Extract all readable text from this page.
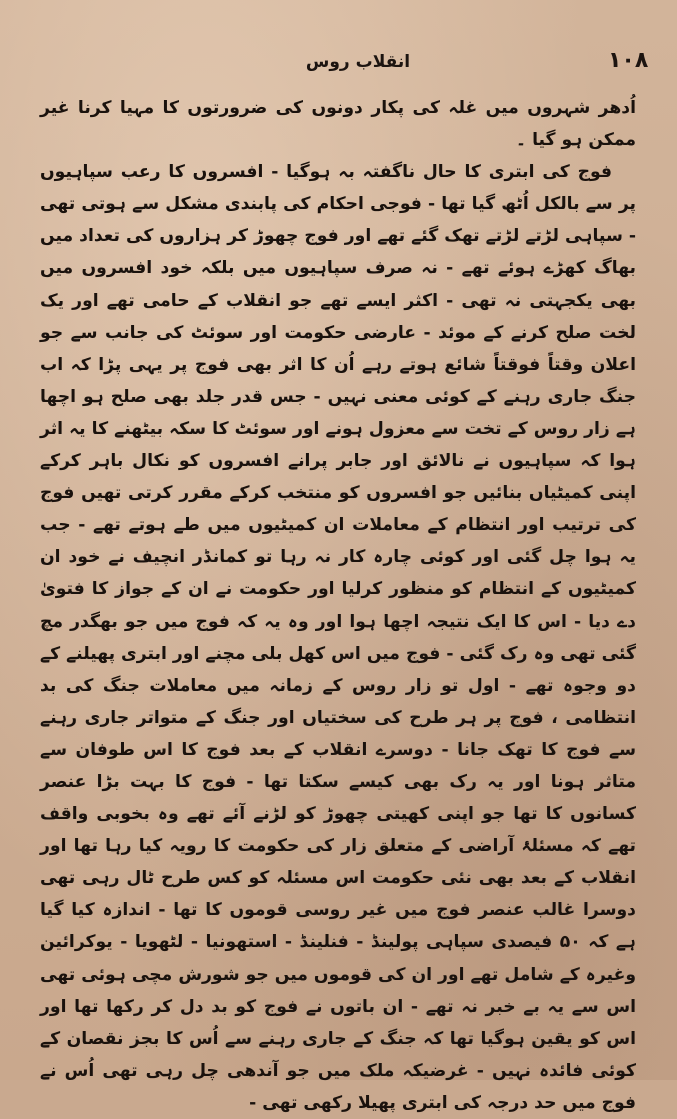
انقلاب روس	۱۰۸

اُدھر شہروں میں غلہ کی پکار دونوں کی ضرورتوں کا مہیا کرنا غیر ممکن ہو گیا ۔

فوج کی ابتری کا حال ناگفتہ بہ ہوگیا - افسروں کا رعب سپاہیوں پر سے بالکل اُٹھ گیا تھا - فوجی احکام کی پابندی مشکل سے ہوتی تھی - سپاہی لڑتے لڑتے تھک گئے تھے اور فوج چھوڑ کر ہزاروں کی تعداد میں بھاگ کھڑے ہوئے تھے - نہ صرف سپاہیوں میں بلکہ خود افسروں میں بھی یکجہتی نہ تھی - اکثر ایسے تھے جو انقلاب کے حامی تھے اور یک لخت صلح کرنے کے موئد - عارضی حکومت اور سوئٹ کی جانب سے جو اعلان وقتاً فوقتاً شائع ہوتے رہے اُن کا اثر بھی فوج پر یہی پڑا کہ اب جنگ جاری رہنے کے کوئی معنی نہیں - جس قدر جلد بھی صلح ہو اچھا ہے زار روس کے تخت سے معزول ہونے اور سوئٹ کا سکہ بیٹھنے کا یہ اثر ہوا کہ سپاہیوں نے نالائق اور جابر پرانے افسروں کو نکال باہر کرکے اپنی کمیٹیاں بنائیں جو افسروں کو منتخب کرکے مقرر کرتی تھیں فوج کی ترتیب اور انتظام کے معاملات ان کمیٹیوں میں طے ہوتے تھے - جب یہ ہوا چل گئی اور کوئی چارہ کار نہ رہا تو کمانڈر انچیف نے خود ان کمیٹیوں کے انتظام کو منظور کرلیا اور حکومت نے ان کے جواز کا فتویٰ دے دیا - اس کا ایک نتیجہ اچھا ہوا اور وہ یہ کہ فوج میں جو بھگدر مچ گئی تھی وہ رک گئی - فوج میں اس کھل بلی مچنے اور ابتری پھیلنے کے دو وجوہ تھے - اول تو زار روس کے زمانہ میں معاملات جنگ کی بد انتظامی ، فوج پر ہر طرح کی سختیاں اور جنگ کے متواتر جاری رہنے سے فوج کا تھک جانا - دوسرے انقلاب کے بعد فوج کا اس طوفان سے متاثر ہونا اور یہ رک بھی کیسے سکتا تھا - فوج کا بہت بڑا عنصر کسانوں کا تھا جو اپنی کھیتی چھوڑ کو لڑنے آئے تھے وہ بخوبی واقف تھے کہ مسئلۂ آراضی کے متعلق زار کی حکومت کا رویہ کیا رہا تھا اور انقلاب کے بعد بھی نئی حکومت اس مسئلہ کو کس طرح ٹال رہی تھی دوسرا غالب عنصر فوج میں غیر روسی قوموں کا تھا - اندازہ کیا گیا ہے کہ ۵۰ فیصدی سپاہی پولینڈ - فنلینڈ - استھونیا - لٹھویا - یوکرائین وغیرہ کے شامل تھے اور ان کی قوموں میں جو شورش مچی ہوئی تھی اس سے یہ بے خبر نہ تھے - ان باتوں نے فوج کو بد دل کر رکھا تھا اور اس کو یقین ہوگیا تھا کہ جنگ کے جاری رہنے سے اُس کا بجز نقصان کے کوئی فائدہ نہیں - غرضیکہ ملک میں جو آندھی چل رہی تھی اُس نے فوج میں حد درجہ کی ابتری پھیلا رکھی تھی -
